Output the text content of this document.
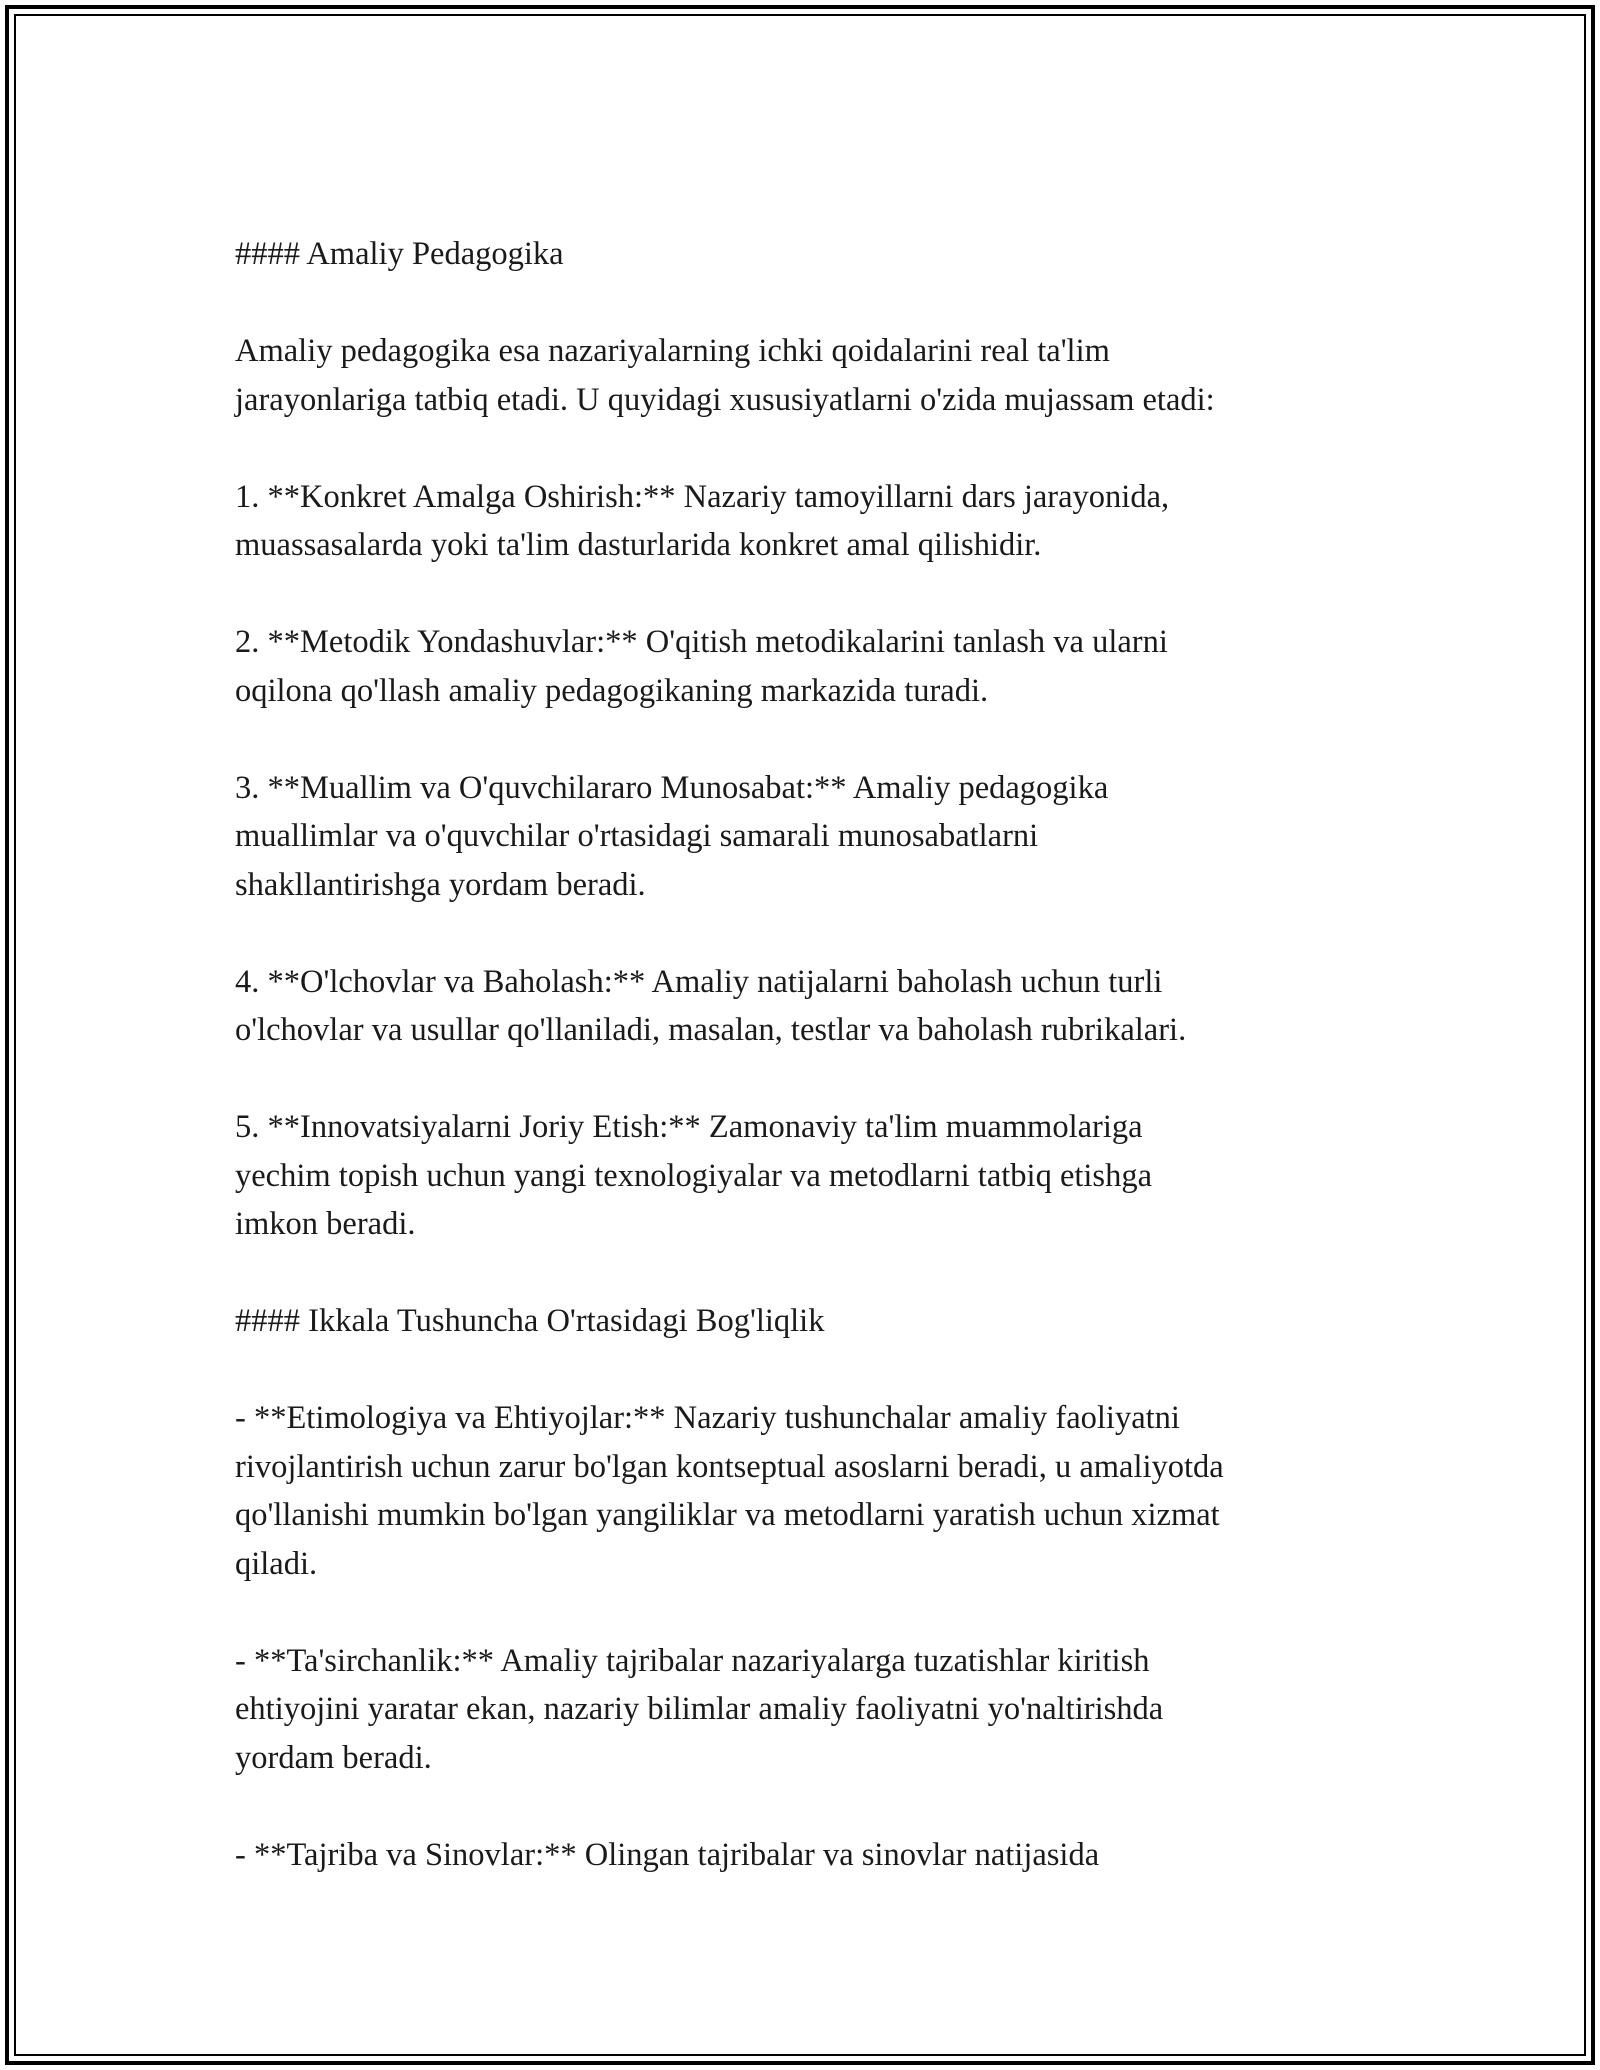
#### Amaliy Pedagogika

Amaliy pedagogika esa nazariyalarning ichki qoidalarini real ta'lim
jarayonlariga tatbiq etadi. U quyidagi xususiyatlarni o'zida mujassam etadi:

1. **Konkret Amalga Oshirish:** Nazariy tamoyillarni dars jarayonida,
muassasalarda yoki ta'lim dasturlarida konkret amal qilishidir.

2. **Metodik Yondashuvlar:** O'qitish metodikalarini tanlash va ularni
oqilona qo'llash amaliy pedagogikaning markazida turadi.

3. **Muallim va O'quvchilararo Munosabat:** Amaliy pedagogika
muallimlar va o'quvchilar o'rtasidagi samarali munosabatlarni
shakllantirishga yordam beradi.

4. **O'lchovlar va Baholash:** Amaliy natijalarni baholash uchun turli
o'lchovlar va usullar qo'llaniladi, masalan, testlar va baholash rubrikalari.

5. **Innovatsiyalarni Joriy Etish:** Zamonaviy ta'lim muammolariga
yechim topish uchun yangi texnologiyalar va metodlarni tatbiq etishga
imkon beradi.

#### Ikkala Tushuncha O'rtasidagi Bog'liqlik

- **Etimologiya va Ehtiyojlar:** Nazariy tushunchalar amaliy faoliyatni
rivojlantirish uchun zarur bo'lgan kontseptual asoslarni beradi, u amaliyotda
qo'llanishi mumkin bo'lgan yangiliklar va metodlarni yaratish uchun xizmat
qiladi.

- **Ta'sirchanlik:** Amaliy tajribalar nazariyalarga tuzatishlar kiritish
ehtiyojini yaratar ekan, nazariy bilimlar amaliy faoliyatni yo'naltirishda
yordam beradi.

- **Tajriba va Sinovlar:** Olingan tajribalar va sinovlar natijasida
